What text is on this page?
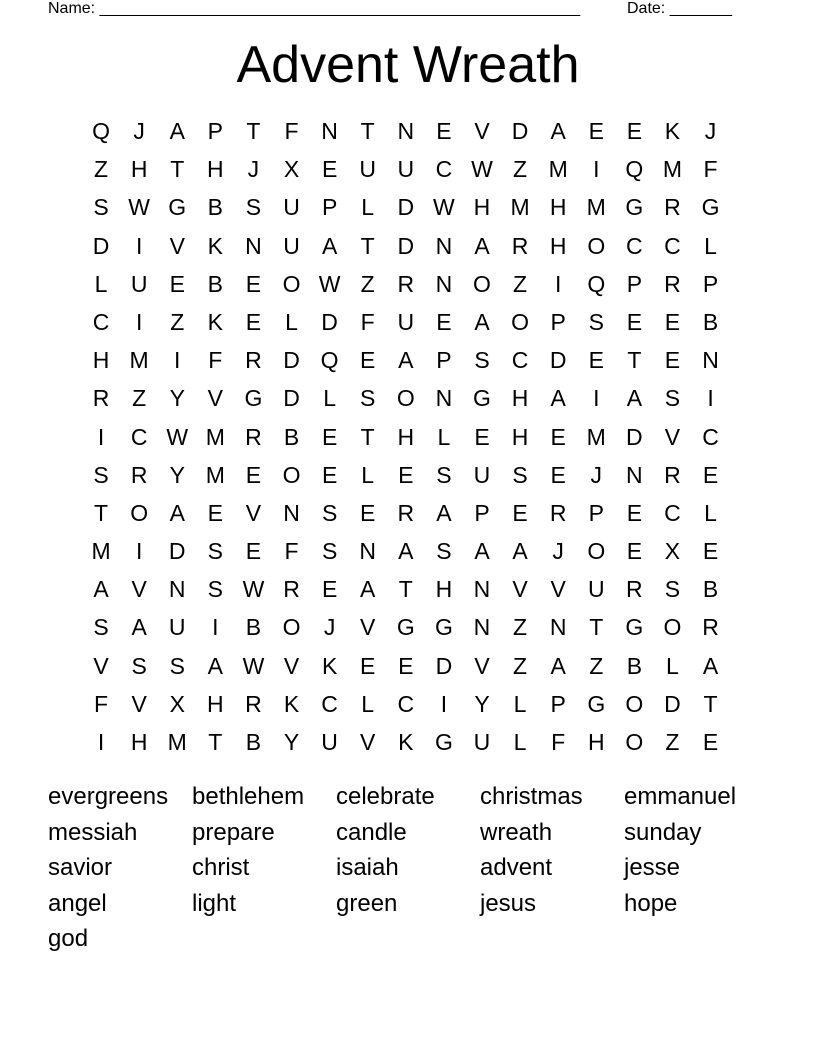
Name: ______________________________________________________	Date: _______
Advent Wreath
Q	J	A P	T	F N T N E V D A E E K	J
Z H T H	J	X E U U C W Z M	I	Q M F
S W G B S U P	L	D W H M H M G R G
D	I	V K N U A	T D N A R H O C C	L
L	U E B E O W Z R N O Z	I	Q P R P
C	I	Z	K E	L	D F U E A O P S E E B
H M	I	F R D Q E A P S C D E	T	E N
R Z	Y V G D	L	S O N G H A	I	A S	I
I	C W M R B E	T H	L	E H E M D V C
S R Y M E O E	L	E S U S E	J	N R E
T O A E V N S E R A P E R P E C	L
M	I	D S E	F	S N A S A A	J	O E X E
A V N S W R E A	T H N V V U R S B
S A U	I	B O	J	V G G N Z N T G O R
V S S A W V K E E D V	Z	A	Z	B	L	A
F	V X H R K C	L	C	I	Y	L	P G O D T
I	H M T	B Y U V K G U	L	F H O Z	E
evergreens bethlehem	celebrate	christmas	emmanuel
messiah	prepare	candle	wreath	sunday
savior	christ	isaiah	advent	jesse
angel	light	green	jesus	hope
god
